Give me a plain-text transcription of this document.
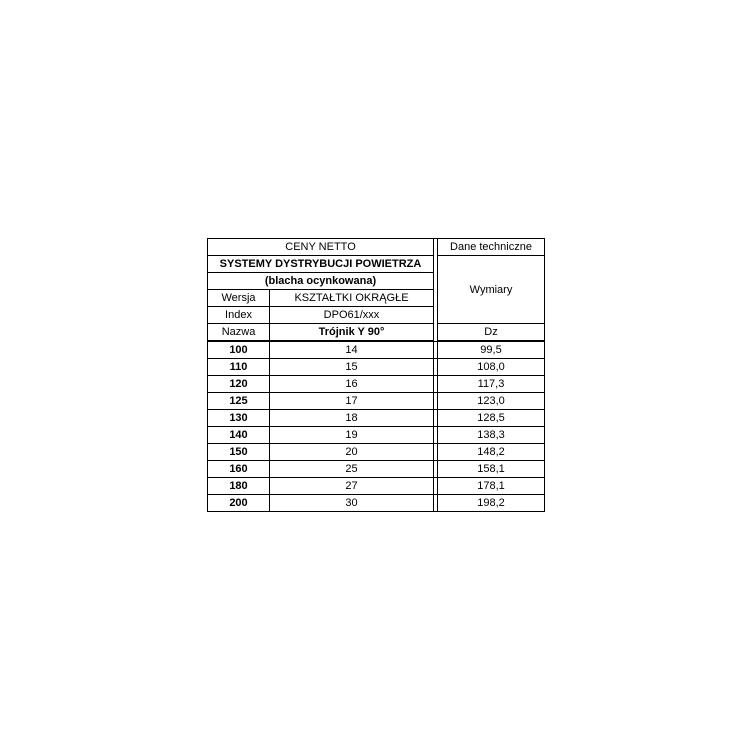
CENY NETTO			Dane techniczne
SYSTEMY DYSTRYBUCJI POWIETRZA			Wymiary
(blacha ocynkowana)			
Wersja	KSZTAŁTKI OKRĄGŁE		
Index	DPO61/xxx		
Nazwa	Trójnik Y 90°		Dz
100	14		99,5
110	15		108,0
120	16		117,3
125	17		123,0
130	18		128,5
140	19		138,3
150	20		148,2
160	25		158,1
180	27		178,1
200	30		198,2
